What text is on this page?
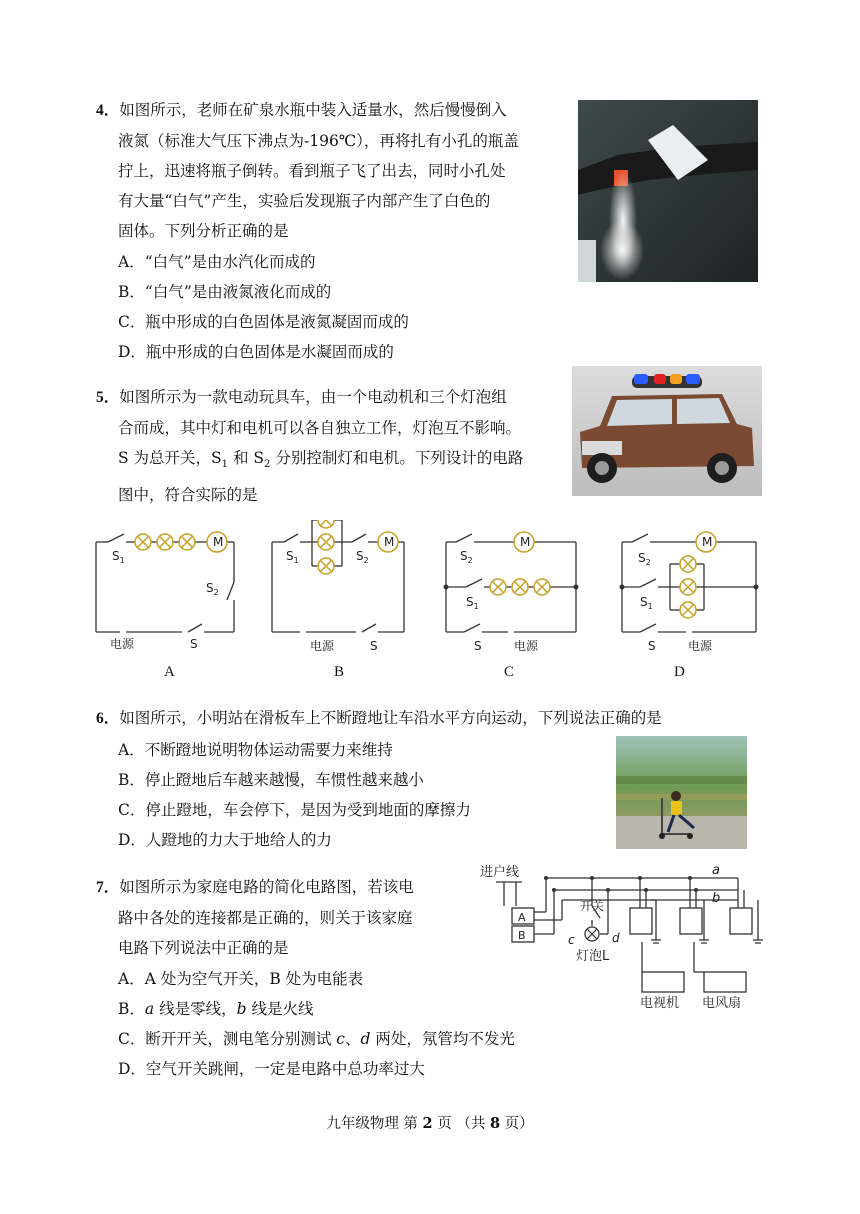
4．如图所示，老师在矿泉水瓶中装入适量水，然后慢慢倒入
液氮（标准大气压下沸点为-196℃），再将扎有小孔的瓶盖
拧上，迅速将瓶子倒转。看到瓶子飞了出去，同时小孔处
有大量“白气”产生，实验后发现瓶子内部产生了白色的
固体。下列分析正确的是
A．“白气”是由水汽化而成的
B．“白气”是由液氮液化而成的
C．瓶中形成的白色固体是液氮凝固而成的
D．瓶中形成的白色固体是水凝固而成的
5．如图所示为一款电动玩具车，由一个电动机和三个灯泡组
合而成，其中灯和电机可以各自独立工作，灯泡互不影响。
S 为总开关，$S_1$ 和 $S_2$ 分别控制灯和电机。下列设计的电路
图中，符合实际的是
M
$S_1$
$S_2$
电源	S
M
$S_1$	$S_2$
电源	S
M
$S_2$
$S_1$
S	电源
M
$S_2$
$S_1$
S	电源
A	B	C	D
6．如图所示，小明站在滑板车上不断蹬地让车沿水平方向运动，下列说法正确的是
A．不断蹬地说明物体运动需要力来维持
B．停止蹬地后车越来越慢，车惯性越来越小
C．停止蹬地，车会停下，是因为受到地面的摩擦力
D．人蹬地的力大于地给人的力
7．如图所示为家庭电路的简化电路图，若该电
路中各处的连接都是正确的，则关于该家庭
电路下列说法中正确的是
A．A 处为空气开关，B 处为电能表
B．a 线是零线，b 线是火线
C．断开开关，测电笔分别测试 c、d 两处，氖管均不发光
D．空气开关跳闸，一定是电路中总功率过大
进户线
A
B
开关
灯泡L
a
b
c	d
电视机 电风扇
九年级物理 第 2 页 （共 8 页）
